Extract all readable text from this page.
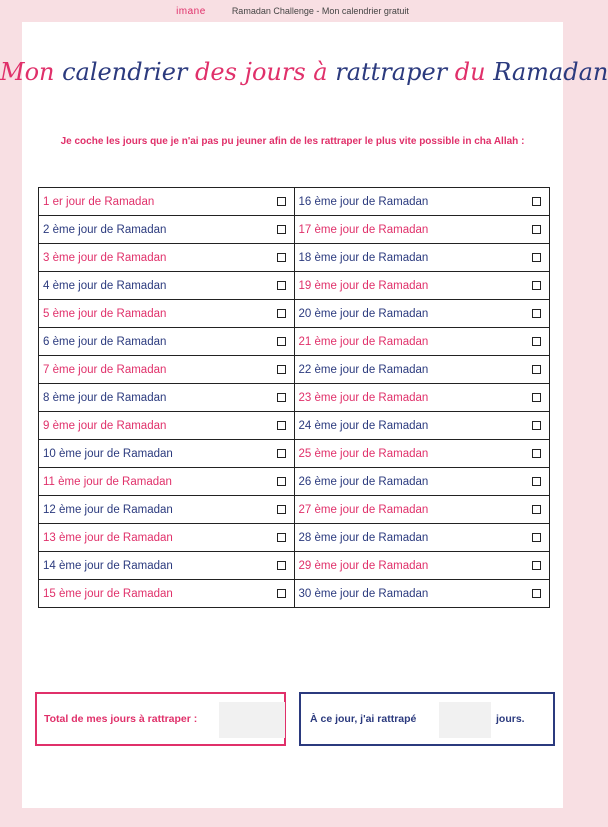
imane	Ramadan Challenge - Mon calendrier gratuit
Mon calendrier des jours à rattraper du Ramadan
Je coche les jours que je n'ai pas pu jeuner afin de les rattraper le plus vite possible in cha Allah :
1 er jour de Ramadan	16 ème jour de Ramadan

2 ème jour de Ramadan	17 ème jour de Ramadan

3 ème jour de Ramadan	18 ème jour de Ramadan

4 ème jour de Ramadan	19 ème jour de Ramadan

5 ème jour de Ramadan	20 ème jour de Ramadan

6 ème jour de Ramadan	21 ème jour de Ramadan

7 ème jour de Ramadan	22 ème jour de Ramadan

8 ème jour de Ramadan	23 ème jour de Ramadan

9 ème jour de Ramadan	24 ème jour de Ramadan

10 ème jour de Ramadan	25 ème jour de Ramadan

11 ème jour de Ramadan	26 ème jour de Ramadan

12 ème jour de Ramadan	27 ème jour de Ramadan

13 ème jour de Ramadan	28 ème jour de Ramadan

14 ème jour de Ramadan	29 ème jour de Ramadan

15 ème jour de Ramadan	30 ème jour de Ramadan
Total de mes jours à rattraper :	À ce jour, j'ai rattrapé	jours.
